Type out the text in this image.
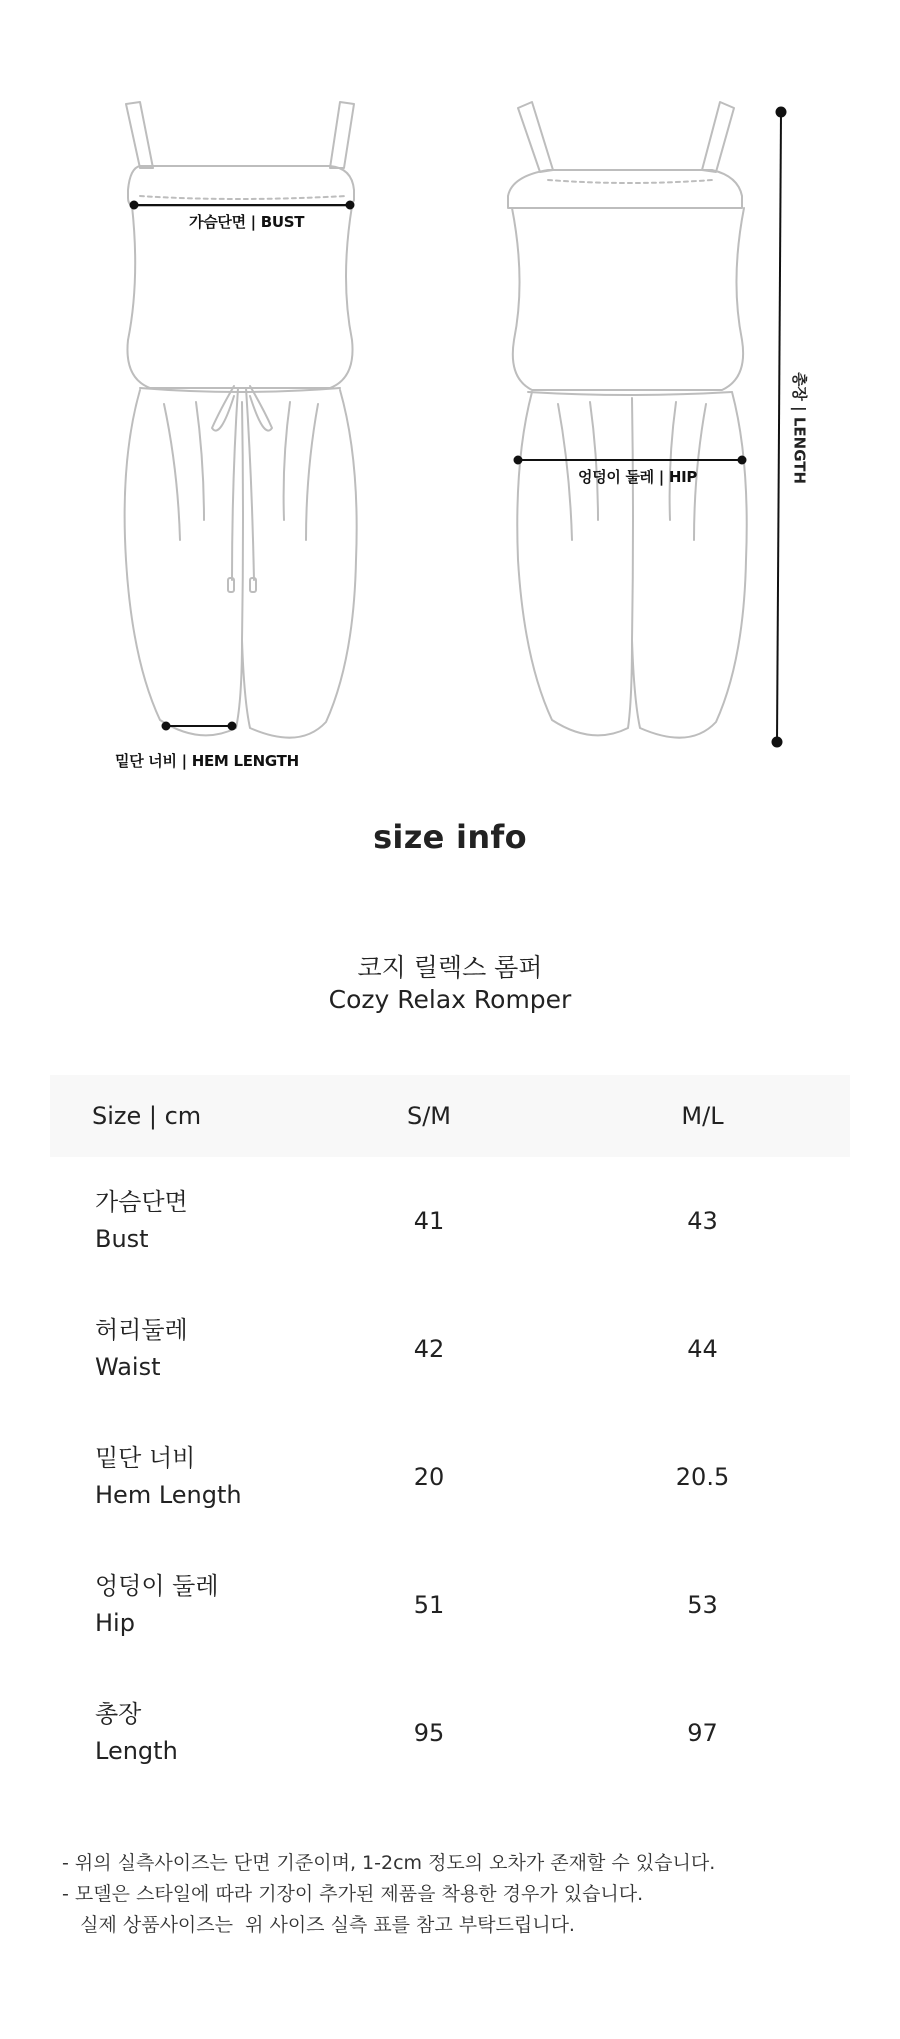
가슴단면 | BUST
엉덩이 둘레 | HIP
밑단 너비 | HEM LENGTH
총장 | LENGTH
size info
코지 릴렉스 롬퍼
Cozy Relax Romper
Size | cm	S/M	M/L

가슴단면
Bust	41	43

허리둘레
Waist	42	44

밑단 너비
Hem Length	20	20.5

엉덩이 둘레
Hip	51	53

총장
Length	95	97
- 위의 실측사이즈는 단면 기준이며, 1-2cm 정도의 오차가 존재할 수 있습니다.
- 모델은 스타일에 따라 기장이 추가된 제품을 착용한 경우가 있습니다.
실제 상품사이즈는  위 사이즈 실측 표를 참고 부탁드립니다.
